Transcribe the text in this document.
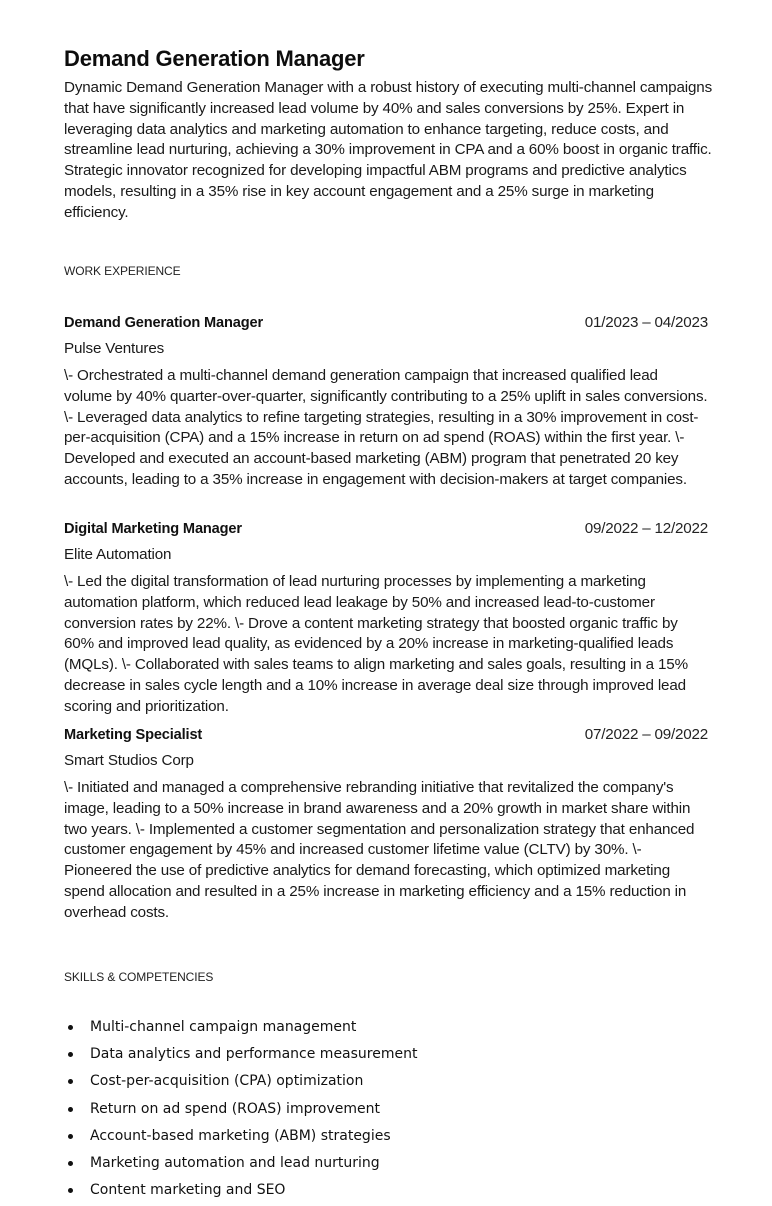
Demand Generation Manager

Dynamic Demand Generation Manager with a robust history of executing multi-channel campaigns that have significantly increased lead volume by 40% and sales conversions by 25%. Expert in leveraging data analytics and marketing automation to enhance targeting, reduce costs, and streamline lead nurturing, achieving a 30% improvement in CPA and a 60% boost in organic traffic. Strategic innovator recognized for developing impactful ABM programs and predictive analytics models, resulting in a 35% rise in key account engagement and a 25% surge in marketing efficiency.

WORK EXPERIENCE
Demand Generation Manager	01/2023 – 04/2023
Pulse Ventures
\- Orchestrated a multi-channel demand generation campaign that increased qualified lead volume by 40% quarter-over-quarter, significantly contributing to a 25% uplift in sales conversions. \- Leveraged data analytics to refine targeting strategies, resulting in a 30% improvement in cost-per-acquisition (CPA) and a 15% increase in return on ad spend (ROAS) within the first year. \- Developed and executed an account-based marketing (ABM) program that penetrated 20 key accounts, leading to a 35% increase in engagement with decision-makers at target companies.
Digital Marketing Manager	09/2022 – 12/2022
Elite Automation
\- Led the digital transformation of lead nurturing processes by implementing a marketing automation platform, which reduced lead leakage by 50% and increased lead-to-customer conversion rates by 22%. \- Drove a content marketing strategy that boosted organic traffic by 60% and improved lead quality, as evidenced by a 20% increase in marketing-qualified leads (MQLs). \- Collaborated with sales teams to align marketing and sales goals, resulting in a 15% decrease in sales cycle length and a 10% increase in average deal size through improved lead scoring and prioritization.
Marketing Specialist	07/2022 – 09/2022
Smart Studios Corp
\- Initiated and managed a comprehensive rebranding initiative that revitalized the company's image, leading to a 50% increase in brand awareness and a 20% growth in market share within two years. \- Implemented a customer segmentation and personalization strategy that enhanced customer engagement by 45% and increased customer lifetime value (CLTV) by 30%. \- Pioneered the use of predictive analytics for demand forecasting, which optimized marketing spend allocation and resulted in a 25% increase in marketing efficiency and a 15% reduction in overhead costs.
SKILLS & COMPETENCIES
Multi-channel campaign management
Data analytics and performance measurement
Cost-per-acquisition (CPA) optimization
Return on ad spend (ROAS) improvement
Account-based marketing (ABM) strategies
Marketing automation and lead nurturing
Content marketing and SEO
